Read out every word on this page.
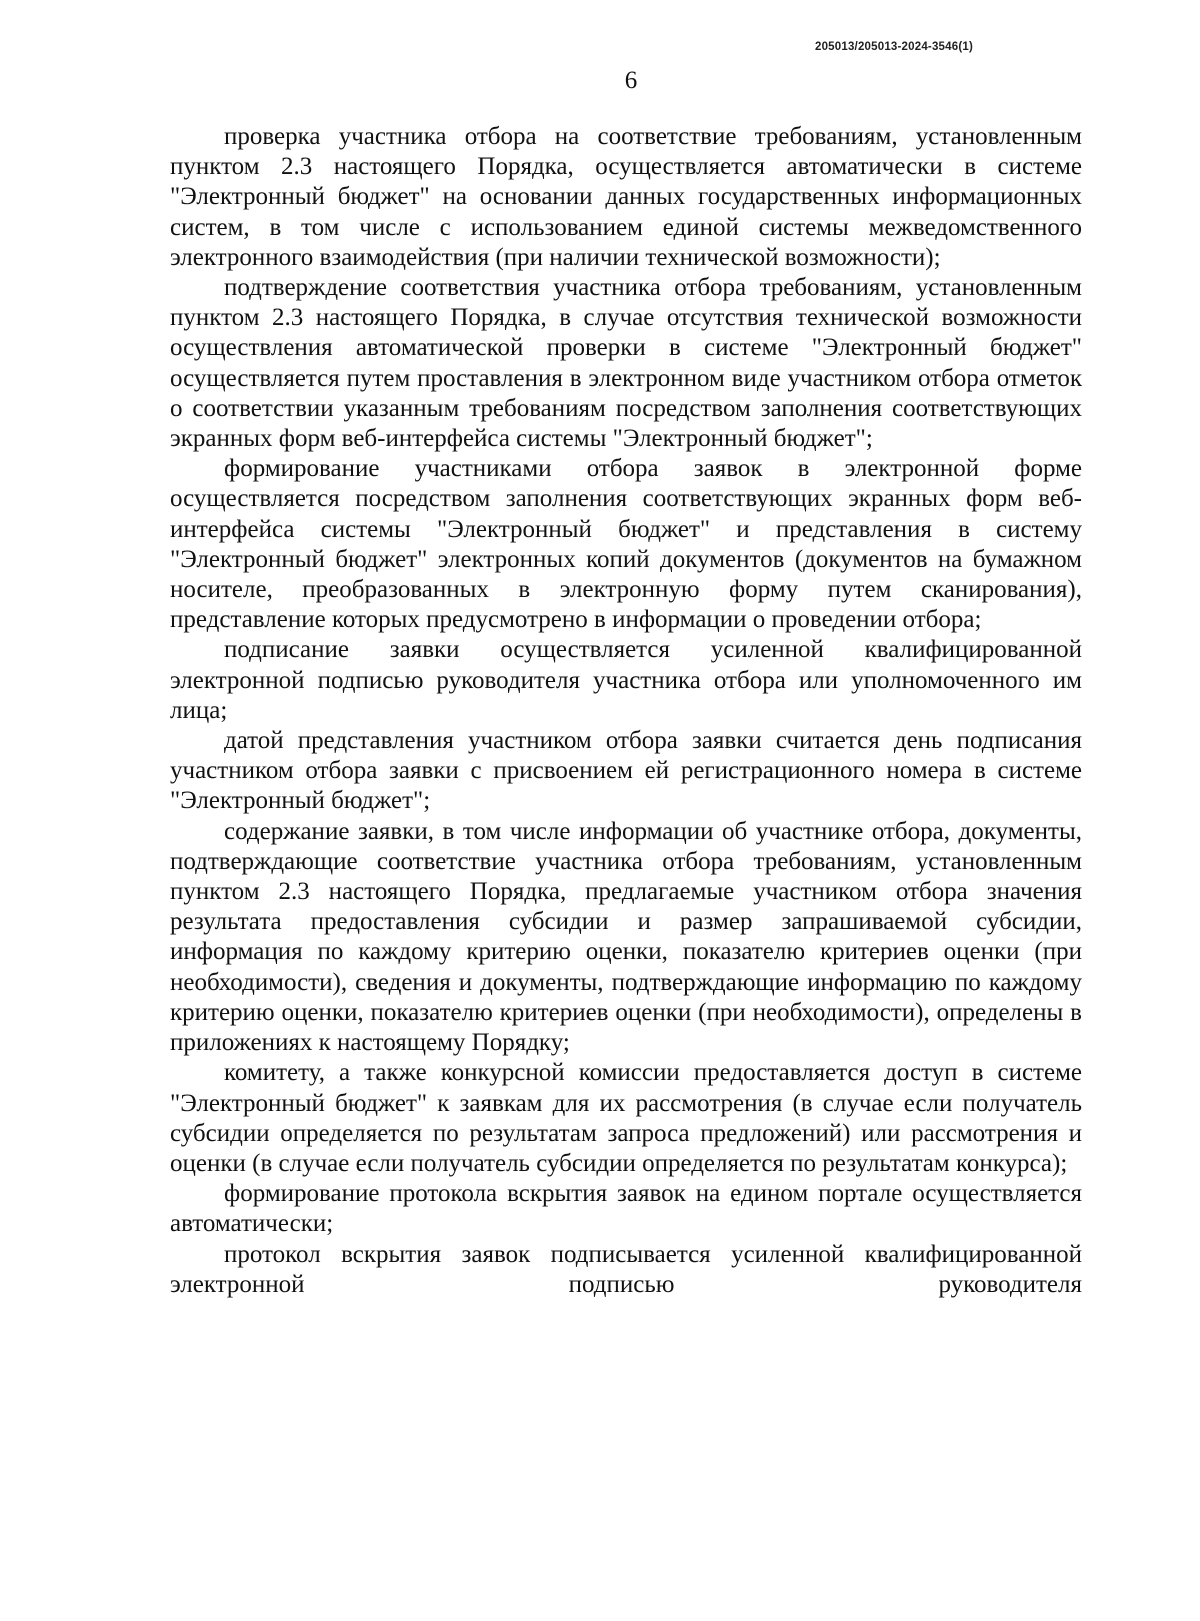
205013/205013-2024-3546(1)
6

проверка участника отбора на соответствие требованиям, установленным пунктом 2.3 настоящего Порядка, осуществляется автоматически в системе "Электронный бюджет" на основании данных государственных информационных систем, в том числе с использованием единой системы межведомственного электронного взаимодействия (при наличии технической возможности);

подтверждение соответствия участника отбора требованиям, установленным пунктом 2.3 настоящего Порядка, в случае отсутствия технической возможности осуществления автоматической проверки в системе "Электронный бюджет" осуществляется путем проставления в электронном виде участником отбора отметок о соответствии указанным требованиям посредством заполнения соответствующих экранных форм веб-интерфейса системы "Электронный бюджет";

формирование участниками отбора заявок в электронной форме осуществляется посредством заполнения соответствующих экранных форм веб-интерфейса системы "Электронный бюджет" и представления в систему "Электронный бюджет" электронных копий документов (документов на бумажном носителе, преобразованных в электронную форму путем сканирования), представление которых предусмотрено в информации о проведении отбора;

подписание заявки осуществляется усиленной квалифицированной электронной подписью руководителя участника отбора или уполномоченного им лица;

датой представления участником отбора заявки считается день подписания участником отбора заявки с присвоением ей регистрационного номера в системе "Электронный бюджет";

содержание заявки, в том числе информации об участнике отбора, документы, подтверждающие соответствие участника отбора требованиям, установленным пунктом 2.3 настоящего Порядка, предлагаемые участником отбора значения результата предоставления субсидии и размер запрашиваемой субсидии, информация по каждому критерию оценки, показателю критериев оценки (при необходимости), сведения и документы, подтверждающие информацию по каждому критерию оценки, показателю критериев оценки (при необходимости), определены в приложениях к настоящему Порядку;

комитету, а также конкурсной комиссии предоставляется доступ в системе "Электронный бюджет" к заявкам для их рассмотрения (в случае если получатель субсидии определяется по результатам запроса предложений) или рассмотрения и оценки (в случае если получатель субсидии определяется по результатам конкурса);

формирование протокола вскрытия заявок на едином портале осуществляется автоматически;

протокол вскрытия заявок подписывается усиленной квалифицированной электронной подписью руководителя
